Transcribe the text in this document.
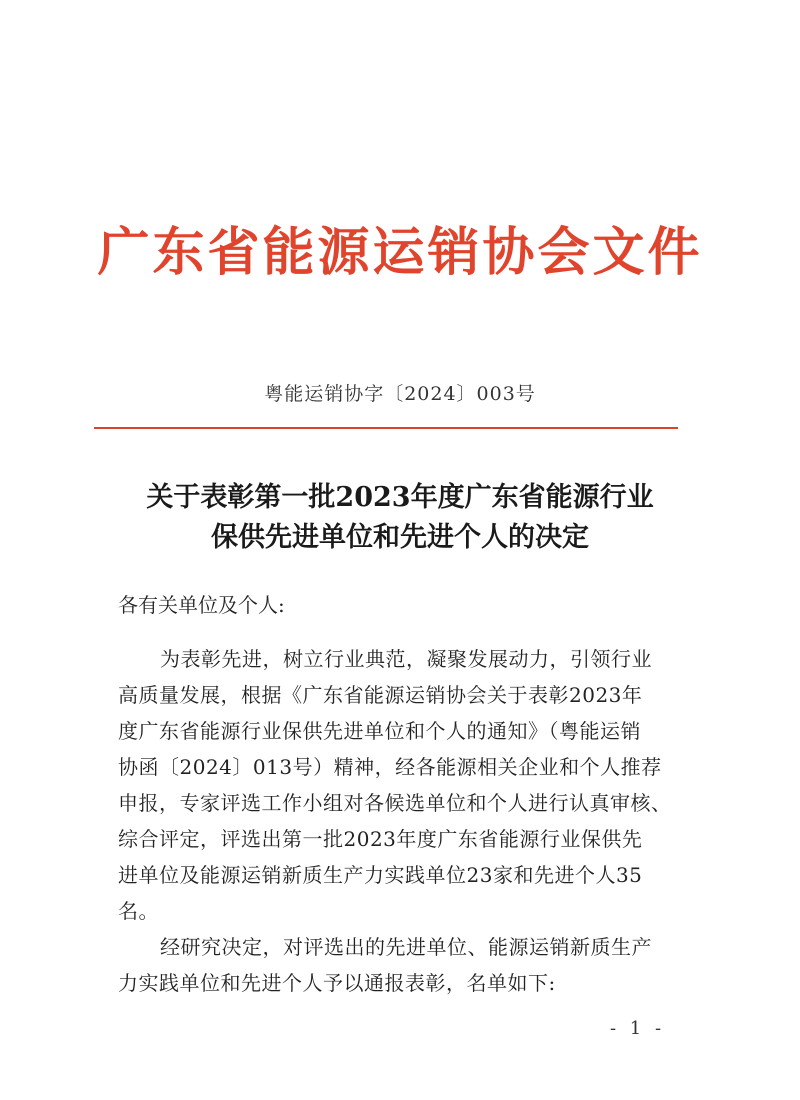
广东省能源运销协会文件
粤能运销协字〔2024〕003号
关于表彰第一批2023年度广东省能源行业
保供先进单位和先进个人的决定
各有关单位及个人:
为表彰先进，树立行业典范，凝聚发展动力，引领行业
高质量发展，根据《广东省能源运销协会关于表彰2023年
度广东省能源行业保供先进单位和个人的通知》（粤能运销
协函〔2024〕013号）精神，经各能源相关企业和个人推荐
申报，专家评选工作小组对各候选单位和个人进行认真审核、
综合评定，评选出第一批2023年度广东省能源行业保供先
进单位及能源运销新质生产力实践单位23家和先进个人35
名。
经研究决定，对评选出的先进单位、能源运销新质生产
力实践单位和先进个人予以通报表彰，名单如下:
- 1 -
